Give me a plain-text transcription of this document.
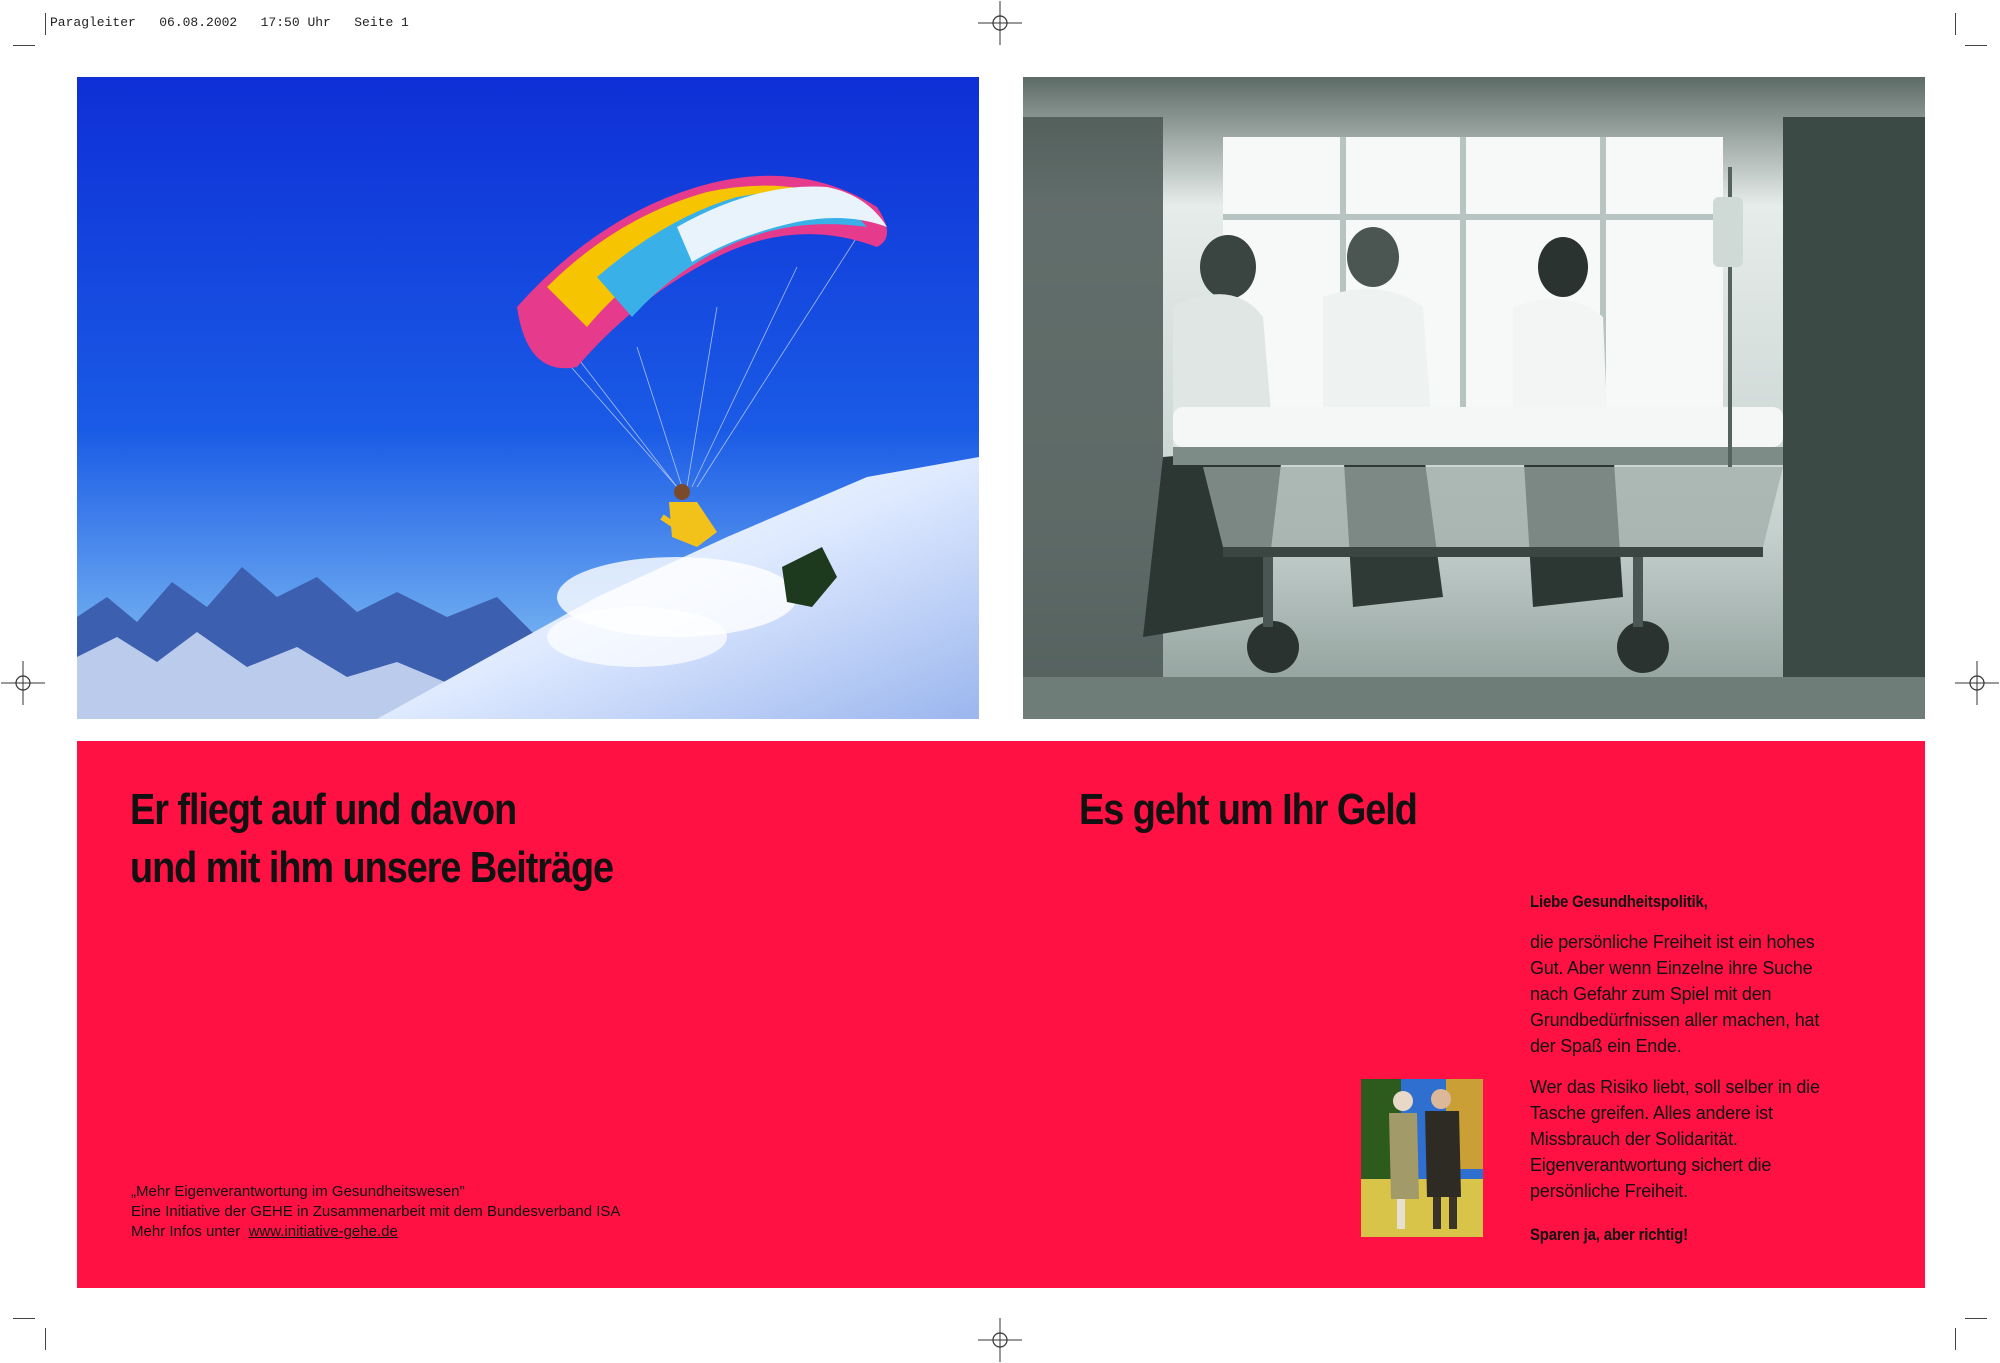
Paragleiter   06.08.2002   17:50 Uhr   Seite 1
Er fliegt auf und davon
und mit ihm unsere Beiträge
Es geht um Ihr Geld
„Mehr Eigenverantwortung im Gesundheitswesen"
Eine Initiative der GEHE in Zusammenarbeit mit dem Bundesverband ISA
Mehr Infos unter www.initiative-gehe.de
Liebe Gesundheitspolitik,

die persönliche Freiheit ist ein hohes Gut. Aber wenn Einzelne ihre Suche nach Gefahr zum Spiel mit den Grundbedürfnissen aller machen, hat der Spaß ein Ende.

Wer das Risiko liebt, soll selber in die Tasche greifen. Alles andere ist Missbrauch der Solidarität. Eigenverantwortung sichert die persönliche Freiheit.

Sparen ja, aber richtig!
